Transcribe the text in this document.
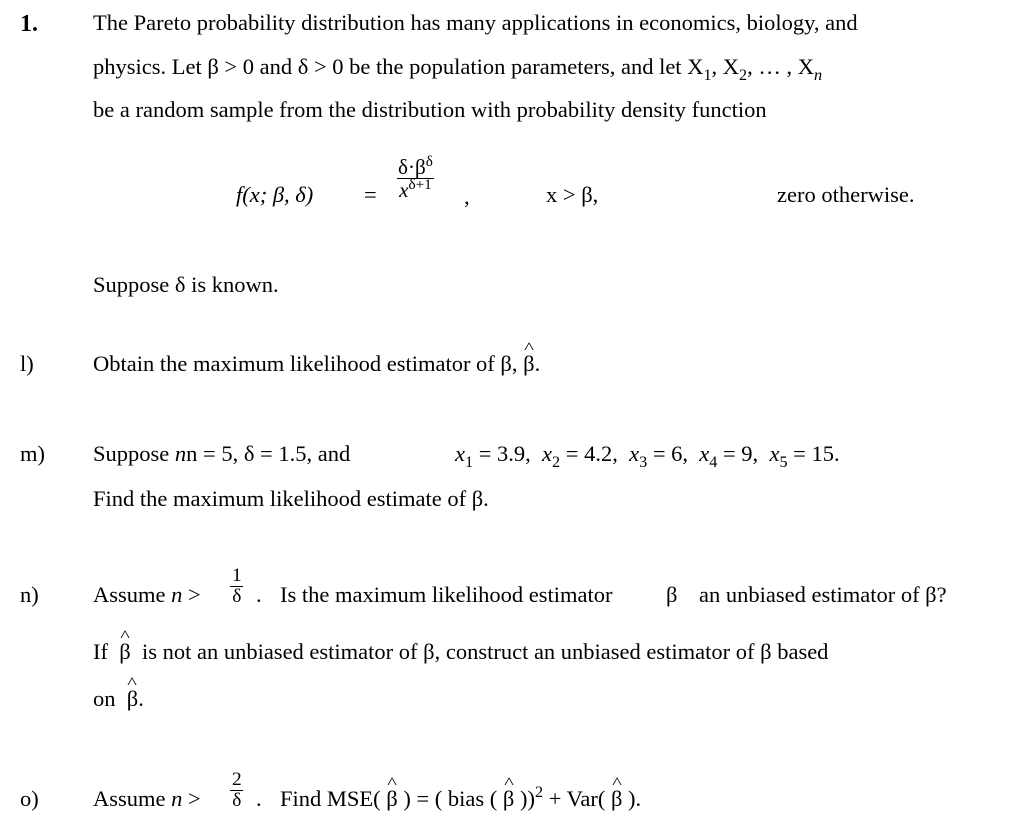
1. The Pareto probability distribution has many applications in economics, biology, and
physics. Let β > 0 and δ > 0 be the population parameters, and let $X_1$, $X_2$, … , $X_n$
be a random sample from the distribution with probability density function
f(x; β, $\delta) = \frac{\delta\cdot\beta^\delta}{x^{\delta+1}}$ ,	x > β,	zero otherwise.
Suppose δ is known.
l)	Obtain the maximum likelihood estimator of β, ^ β.
m) Suppose nn = 5, δ = 1.5, and	$x_1 = 3.9$, $x_2 = 4.2$, $x_3 = 6$, $x_4 = 9$, $x_5 = 15$.
Find the maximum likelihood estimate of β.
n) Assume $n > \frac{1}{\delta}$ . Is the maximum likelihood estimator β an unbiased estimator of β?
If ^ β is not an unbiased estimator of β, construct an unbiased estimator of β based
on ^ β.
o) Assume $n > \frac{2}{\delta}$ . Find MSE( ^ β ) = ( bias ( ^ β ))$^2$ + Var( ^ β ).
